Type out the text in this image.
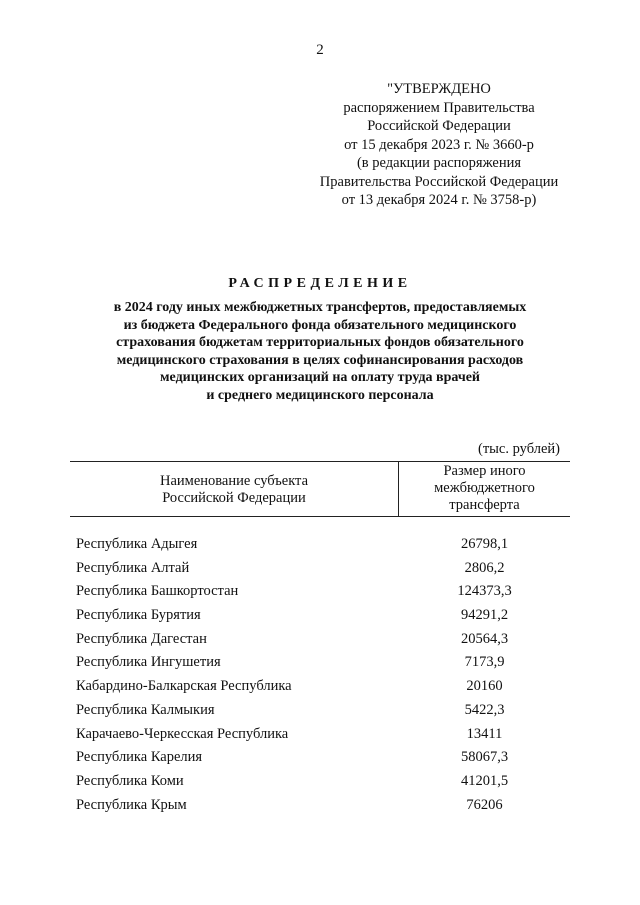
2
"УТВЕРЖДЕНО
распоряжением Правительства
Российской Федерации
от 15 декабря 2023 г. № 3660-р
(в редакции распоряжения
Правительства Российской Федерации
от 13 декабря 2024 г. № 3758-р)
РАСПРЕДЕЛЕНИЕ
в 2024 году иных межбюджетных трансфертов, предоставляемых
из бюджета Федерального фонда обязательного медицинского
страхования бюджетам территориальных фондов обязательного
медицинского страхования в целях софинансирования расходов
медицинских организаций на оплату труда врачей
и среднего медицинского персонала
(тыс. рублей)
Наименование субъекта
Российской Федерации
Размер иного
межбюджетного
трансферта
Республика Адыгея	26798,1
Республика Алтай	2806,2
Республика Башкортостан	124373,3
Республика Бурятия	94291,2
Республика Дагестан	20564,3
Республика Ингушетия	7173,9
Кабардино-Балкарская Республика	20160
Республика Калмыкия	5422,3
Карачаево-Черкесская Республика	13411
Республика Карелия	58067,3
Республика Коми	41201,5
Республика Крым	76206
